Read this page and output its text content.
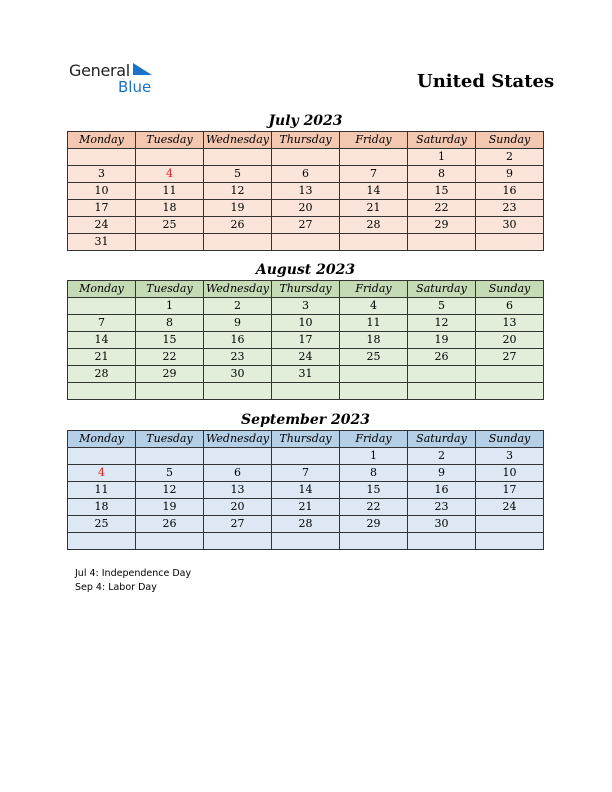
General
Blue	United States
July 2023
Monday	Tuesday	Wednesday	Thursday	Friday	Saturday	Sunday
					1	2
3	4	5	6	7	8	9
10	11	12	13	14	15	16
17	18	19	20	21	22	23
24	25	26	27	28	29	30
31						
August 2023
Monday	Tuesday	Wednesday	Thursday	Friday	Saturday	Sunday
	1	2	3	4	5	6
7	8	9	10	11	12	13
14	15	16	17	18	19	20
21	22	23	24	25	26	27
28	29	30	31			

September 2023
Monday	Tuesday	Wednesday	Thursday	Friday	Saturday	Sunday
				1	2	3
4	5	6	7	8	9	10
11	12	13	14	15	16	17
18	19	20	21	22	23	24
25	26	27	28	29	30	

Jul 4: Independence Day
Sep 4: Labor Day
